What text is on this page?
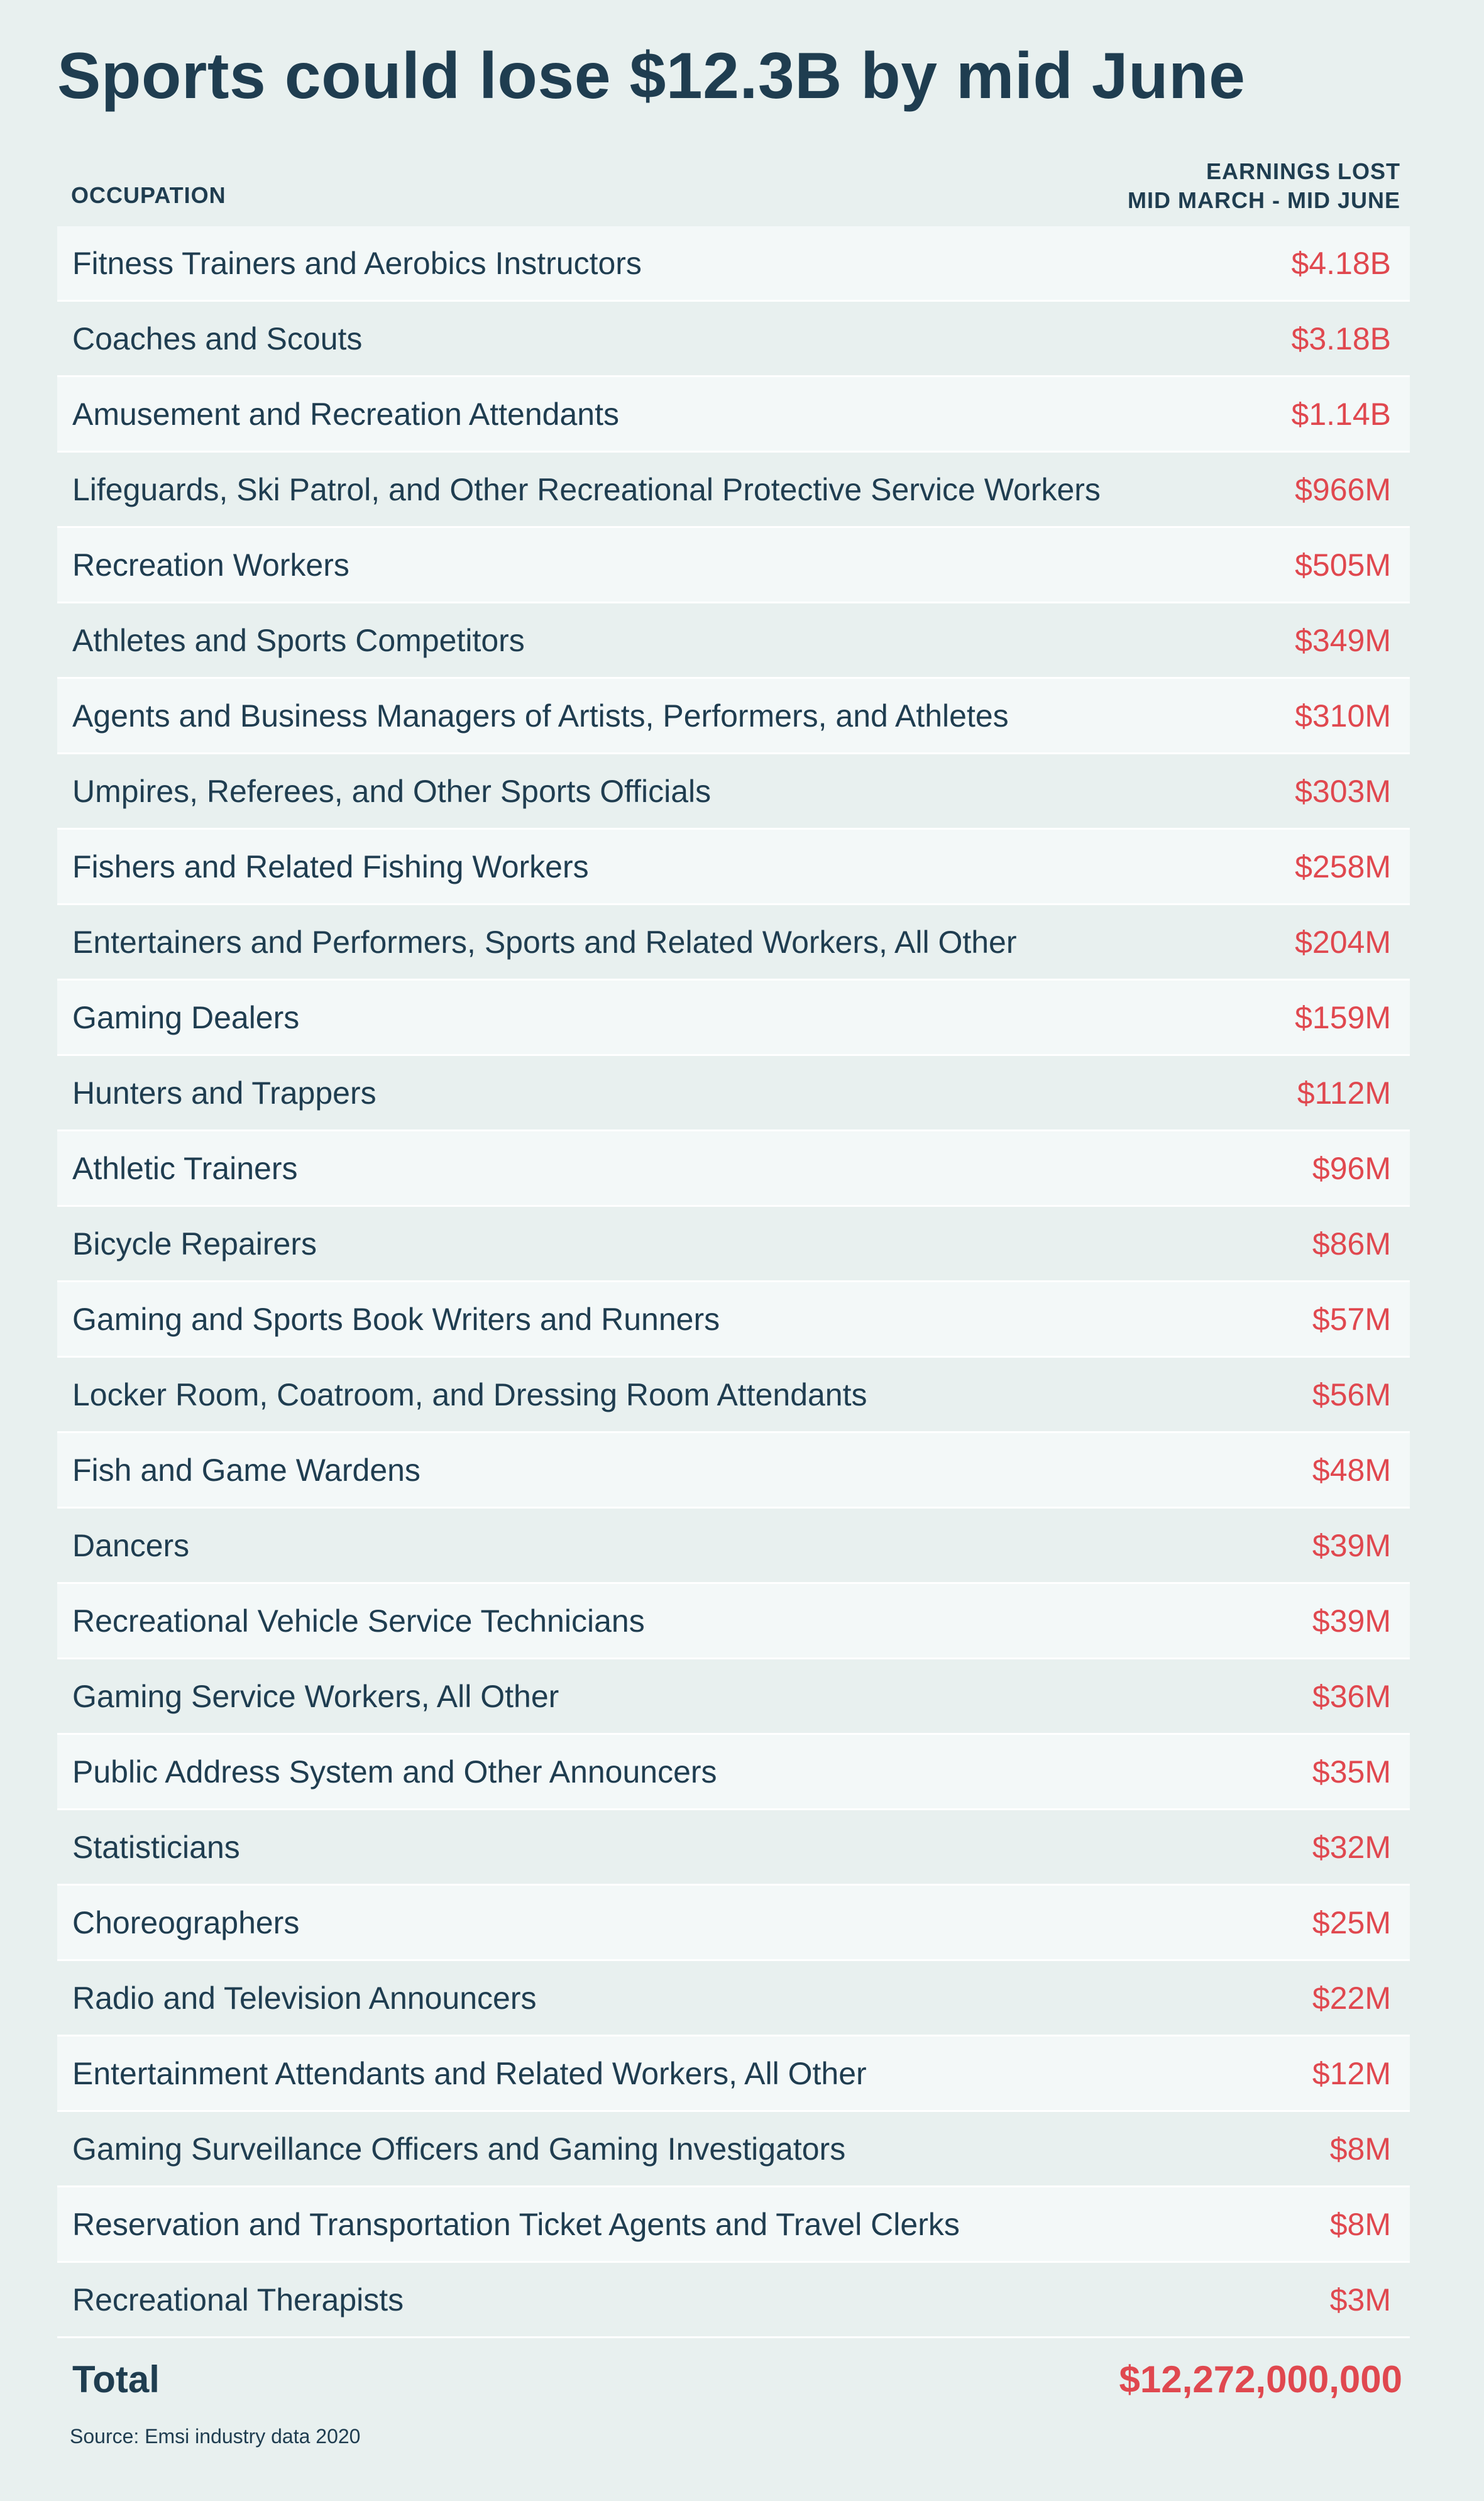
Sports could lose $12.3B by mid June
OCCUPATION
EARNINGS LOST
MID MARCH - MID JUNE
Fitness Trainers and Aerobics Instructors	$4.18B
Coaches and Scouts	$3.18B
Amusement and Recreation Attendants	$1.14B
Lifeguards, Ski Patrol, and Other Recreational Protective Service Workers	$966M
Recreation Workers	$505M
Athletes and Sports Competitors	$349M
Agents and Business Managers of Artists, Performers, and Athletes	$310M
Umpires, Referees, and Other Sports Officials	$303M
Fishers and Related Fishing Workers	$258M
Entertainers and Performers, Sports and Related Workers, All Other	$204M
Gaming Dealers	$159M
Hunters and Trappers	$112M
Athletic Trainers	$96M
Bicycle Repairers	$86M
Gaming and Sports Book Writers and Runners	$57M
Locker Room, Coatroom, and Dressing Room Attendants	$56M
Fish and Game Wardens	$48M
Dancers	$39M
Recreational Vehicle Service Technicians	$39M
Gaming Service Workers, All Other	$36M
Public Address System and Other Announcers	$35M
Statisticians	$32M
Choreographers	$25M
Radio and Television Announcers	$22M
Entertainment Attendants and Related Workers, All Other	$12M
Gaming Surveillance Officers and Gaming Investigators	$8M
Reservation and Transportation Ticket Agents and Travel Clerks	$8M
Recreational Therapists	$3M
Total	$12,272,000,000
Source: Emsi industry data 2020
